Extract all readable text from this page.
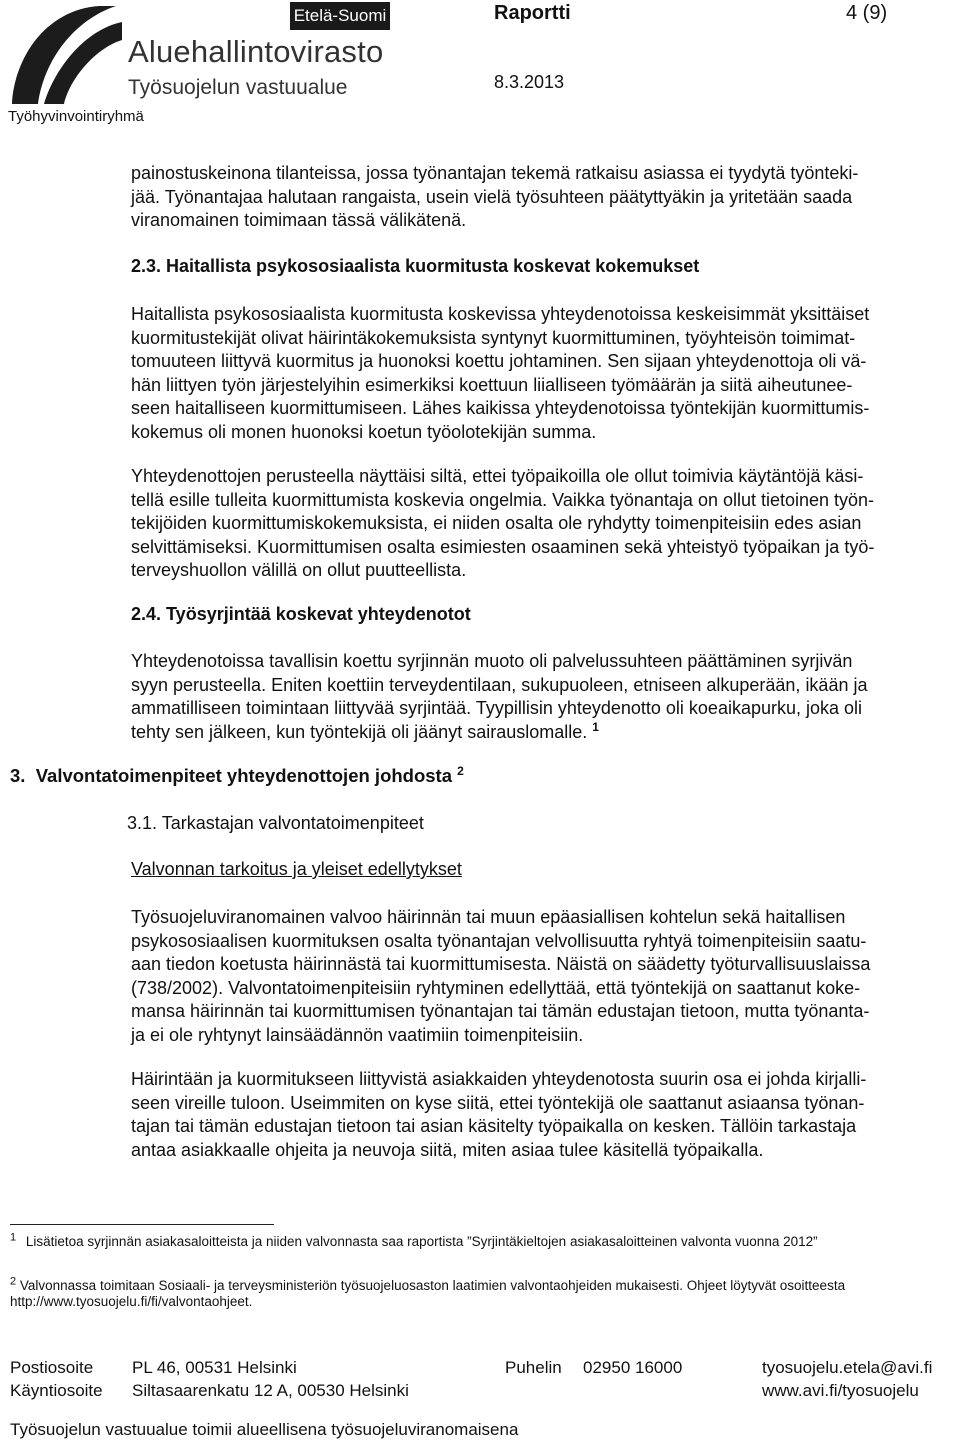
Etelä-Suomi
Aluehallintovirasto
Työsuojelun vastuualue
Työhyvinvointiryhmä
Raportti	4 (9)
8.3.2013
painostuskeinona tilanteissa, jossa työnantajan tekemä ratkaisu asiassa ei tyydytä työnteki-
jää. Työnantajaa halutaan rangaista, usein vielä työsuhteen päätyttyäkin ja yritetään saada
viranomainen toimimaan tässä välikätenä.
2.3. Haitallista psykososiaalista kuormitusta koskevat kokemukset
Haitallista psykososiaalista kuormitusta koskevissa yhteydenotoissa keskeisimmät yksittäiset
kuormitustekijät olivat häirintäkokemuksista syntynyt kuormittuminen, työyhteisön toimimat-
tomuuteen liittyvä kuormitus ja huonoksi koettu johtaminen. Sen sijaan yhteydenottoja oli vä-
hän liittyen työn järjestelyihin esimerkiksi koettuun liialliseen työmäärän ja siitä aiheutunee-
seen haitalliseen kuormittumiseen. Lähes kaikissa yhteydenotoissa työntekijän kuormittumis-
kokemus oli monen huonoksi koetun työolotekijän summa.
Yhteydenottojen perusteella näyttäisi siltä, ettei työpaikoilla ole ollut toimivia käytäntöjä käsi-
tellä esille tulleita kuormittumista koskevia ongelmia. Vaikka työnantaja on ollut tietoinen työn-
tekijöiden kuormittumiskokemuksista, ei niiden osalta ole ryhdytty toimenpiteisiin edes asian
selvittämiseksi. Kuormittumisen osalta esimiesten osaaminen sekä yhteistyö työpaikan ja työ-
terveyshuollon välillä on ollut puutteellista.
2.4. Työsyrjintää koskevat yhteydenotot
Yhteydenotoissa tavallisin koettu syrjinnän muoto oli palvelussuhteen päättäminen syrjivän
syyn perusteella. Eniten koettiin terveydentilaan, sukupuoleen, etniseen alkuperään, ikään ja
ammatilliseen toimintaan liittyvää syrjintää. Tyypillisin yhteydenotto oli koeaikapurku, joka oli
tehty sen jälkeen, kun työntekijä oli jäänyt sairauslomalle. $^1$
3.  Valvontatoimenpiteet yhteydenottojen johdosta $^2$
3.1. Tarkastajan valvontatoimenpiteet
Valvonnan tarkoitus ja yleiset edellytykset
Työsuojeluviranomainen valvoo häirinnän tai muun epäasiallisen kohtelun sekä haitallisen
psykososiaalisen kuormituksen osalta työnantajan velvollisuutta ryhtyä toimenpiteisiin saatu-
aan tiedon koetusta häirinnästä tai kuormittumisesta. Näistä on säädetty työturvallisuuslaissa
(738/2002). Valvontatoimenpiteisiin ryhtyminen edellyttää, että työntekijä on saattanut koke-
mansa häirinnän tai kuormittumisen työnantajan tai tämän edustajan tietoon, mutta työnanta-
ja ei ole ryhtynyt lainsäädännön vaatimiin toimenpiteisiin.
Häirintään ja kuormitukseen liittyvistä asiakkaiden yhteydenotosta suurin osa ei johda kirjalli-
seen vireille tuloon. Useimmiten on kyse siitä, ettei työntekijä ole saattanut asiaansa työnan-
tajan tai tämän edustajan tietoon tai asian käsitelty työpaikalla on kesken. Tällöin tarkastaja
antaa asiakkaalle ohjeita ja neuvoja siitä, miten asiaa tulee käsitellä työpaikalla.
$^1$ Lisätietoa syrjinnän asiakasaloitteista ja niiden valvonnasta saa raportista ”Syrjintäkieltojen asiakasaloitteinen valvonta vuonna 2012”
$^2$ Valvonnassa toimitaan Sosiaali- ja terveysministeriön työsuojeluosaston laatimien valvontaohjeiden mukaisesti. Ohjeet löytyvät osoitteesta
http://www.tyosuojelu.fi/fi/valvontaohjeet.
Postiosoite PL 46, 00531 Helsinki	Puhelin 02950 16000	tyosuojelu.etela@avi.fi
Käyntiosoite Siltasaarenkatu 12 A, 00530 Helsinki	www.avi.fi/tyosuojelu
Työsuojelun vastuualue toimii alueellisena työsuojeluviranomaisena
